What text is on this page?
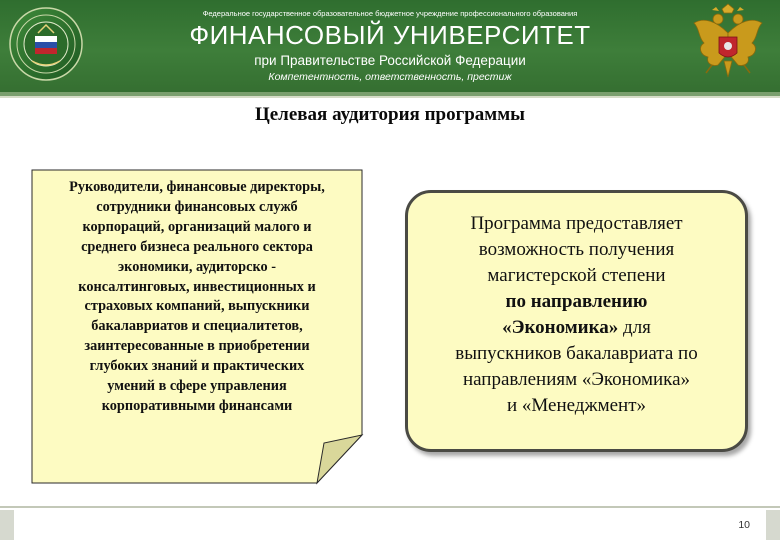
Федеральное государственное образовательное бюджетное учреждение профессионального образования
ФИНАНСОВЫЙ УНИВЕРСИТЕТ
при Правительстве Российской Федерации
Компетентность, ответственность, престиж
Целевая аудитория программы

Руководители, финансовые директоры,
сотрудники финансовых служб
корпораций, организаций малого и
среднего бизнеса реального сектора
экономики, аудиторско -
консалтинговых, инвестиционных и
страховых компаний, выпускники
бакалавриатов и специалитетов,
заинтересованные в приобретении
глубоких знаний и практических
умений в сфере управления
корпоративными финансами

Программа предоставляет
возможность получения
магистерской степени
по направлению
«Экономика» для
выпускников бакалавриата по
направлениям «Экономика»
и «Менеджмент»

10
